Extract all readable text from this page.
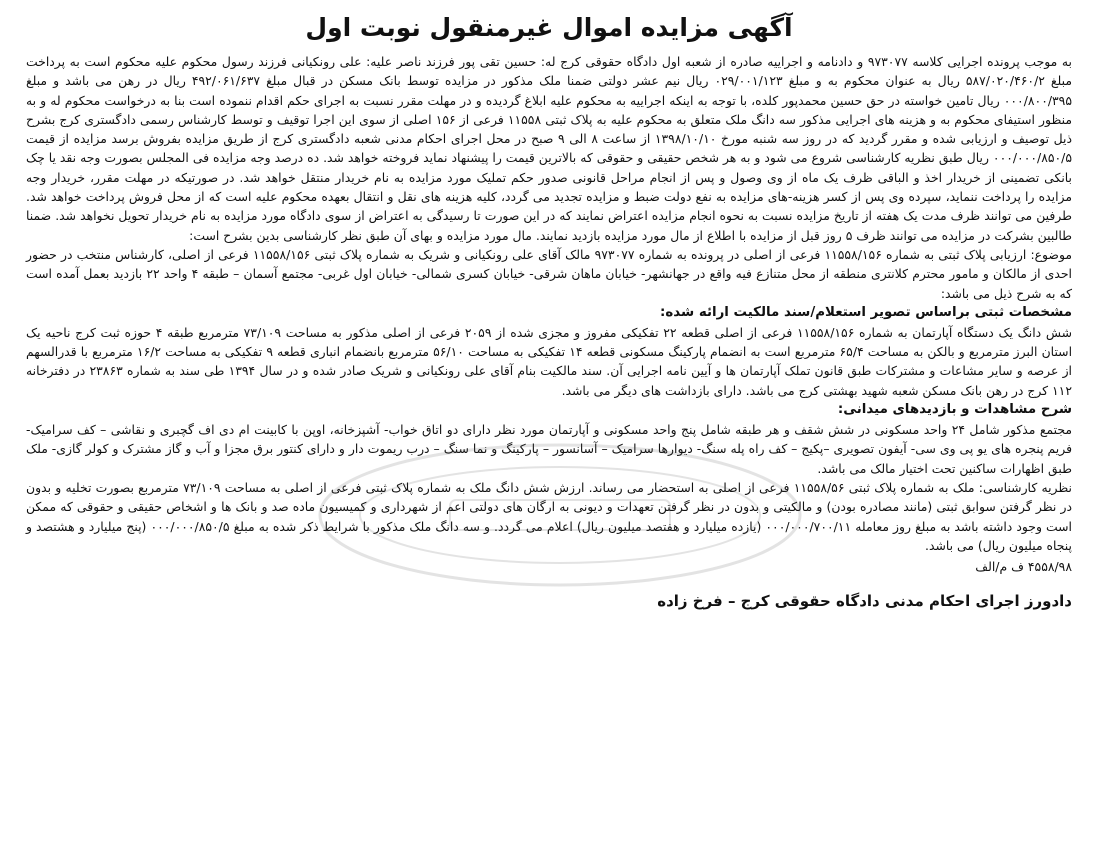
آگهی مزایده اموال غیرمنقول نوبت اول

به موجب پرونده اجرایی کلاسه ۹۷۳۰۷۷ و دادنامه و اجراییه صادره از شعبه اول دادگاه حقوقی کرج له: حسین تقی پور فرزند ناصر علیه: علی رونکیانی فرزند رسول محکوم علیه محکوم است به پرداخت مبلغ ۵۸۷/۰۲۰/۴۶۰/۲ ریال به عنوان محکوم به و مبلغ ۰۲۹/۰۰۱/۱۲۳ ریال نیم عشر دولتی ضمنا ملک مذکور در مزایده توسط بانک مسکن در قبال مبلغ ۴۹۲/۰۶۱/۶۳۷ ریال در رهن می باشد و مبلغ ۰۰۰/۸۰۰/۳۹۵ ریال تامین خواسته در حق حسین محمدپور کلده، با توجه به اینکه اجراییه به محکوم علیه ابلاغ گردیده و در مهلت مقرر نسبت به اجرای حکم اقدام ننموده است بنا به درخواست محکوم له و به منظور استیفای محکوم به و هزینه های اجرایی مذکور سه دانگ ملک متعلق به محکوم علیه به پلاک ثبتی ۱۱۵۵۸ فرعی از ۱۵۶ اصلی از سوی این اجرا توقیف و توسط کارشناس رسمی دادگستری کرج بشرح ذیل توصیف و ارزیابی شده و مقرر گردید که در روز سه شنبه مورخ ۱۳۹۸/۱۰/۱۰ از ساعت ۸ الی ۹ صبح در محل اجرای احکام مدنی شعبه دادگستری کرج از طریق مزایده بفروش برسد مزایده از قیمت ۰۰۰/۰۰۰/۸۵۰/۵ ریال طبق نظریه کارشناسی شروع می شود و به هر شخص حقیقی و حقوقی که بالاترین قیمت را پیشنهاد نماید فروخته خواهد شد. ده درصد وجه مزایده فی المجلس بصورت وجه نقد یا چک بانکی تضمینی از خریدار اخذ و الباقی ظرف یک ماه از وی وصول و پس از انجام مراحل قانونی صدور حکم تملیک مورد مزایده به نام خریدار منتقل خواهد شد. در صورتیکه در مهلت مقرر، خریدار وجه مزایده را پرداخت ننماید، سپرده وی پس از کسر هزینه-های مزایده به نفع دولت ضبط و مزایده تجدید می گردد، کلیه هزینه های نقل و انتقال بعهده محکوم علیه است که از محل فروش پرداخت خواهد شد. طرفین می توانند ظرف مدت یک هفته از تاریخ مزایده نسبت به نحوه انجام مزایده اعتراض نمایند که در این صورت تا رسیدگی به اعتراض از سوی دادگاه مورد مزایده به نام خریدار تحویل نخواهد شد. ضمنا طالبین بشرکت در مزایده می توانند ظرف ۵ روز قبل از مزایده با اطلاع از مال مورد مزایده بازدید نمایند. مال مورد مزایده و بهای آن طبق نظر کارشناسی بدین بشرح است:

موضوع: ارزیابی پلاک ثبتی به شماره ۱۱۵۵۸/۱۵۶ فرعی از اصلی در پرونده به شماره ۹۷۳۰۷۷ مالک آقای علی رونکیانی و شریک به شماره پلاک ثبتی ۱۱۵۵۸/۱۵۶ فرعی از اصلی، کارشناس منتخب در حضور احدی از مالکان و مامور محترم کلانتری منطقه از محل متنازع فیه واقع در جهانشهر- خیابان ماهان شرقی- خیابان کسری شمالی- خیابان اول غربی- مجتمع آسمان – طبقه ۴ واحد ۲۲ بازدید بعمل آمده است که به شرح ذیل می باشد:

مشخصات ثبتی براساس تصویر استعلام/سند مالکیت ارائه شده:

شش دانگ یک دستگاه آپارتمان به شماره ۱۱۵۵۸/۱۵۶ فرعی از اصلی قطعه ۲۲ تفکیکی مفروز و مجزی شده از ۲۰۵۹ فرعی از اصلی مذکور به مساحت ۷۳/۱۰۹ مترمربع طبقه ۴ حوزه ثبت کرج ناحیه یک استان البرز مترمربع و بالکن به مساحت ۶۵/۴ مترمربع است به انضمام پارکینگ مسکونی قطعه ۱۴ تفکیکی به مساحت ۵۶/۱۰ مترمربع بانضمام انباری قطعه ۹ تفکیکی به مساحت ۱۶/۲ مترمربع با قدرالسهم از عرصه و سایر مشاعات و مشترکات طبق قانون تملک آپارتمان ها و آیین نامه اجرایی آن. سند مالکیت بنام آقای علی رونکیانی و شریک صادر شده و در سال ۱۳۹۴ طی سند به شماره ۲۳۸۶۳ در دفترخانه ۱۱۲ کرج در رهن بانک مسکن شعبه شهید بهشتی کرج می باشد. دارای بازداشت های دیگر می باشد.

شرح مشاهدات و بازدیدهای میدانی:

مجتمع مذکور شامل ۲۴ واحد مسکونی در شش شقف و هر طبقه شامل پنج واحد مسکونی و آپارتمان مورد نظر دارای دو اتاق خواب- آشپزخانه، اوپن با کابینت ام دی اف گچبری و نقاشی – کف سرامیک- فریم پنجره های یو پی وی سی- آیفون تصویری –پکیج – کف راه پله سنگ- دیوارها سرامیک – آسانسور – پارکینگ و نما سنگ – درب ریموت دار و دارای کنتور برق مجزا و آب و گاز مشترک و کولر گازی- ملک طبق اظهارات ساکنین تحت اختیار مالک می باشد.

نظریه کارشناسی: ملک به شماره پلاک ثبتی ۱۱۵۵۸/۵۶ فرعی از اصلی به استحضار می رساند. ارزش شش دانگ ملک به شماره پلاک ثبتی فرعی از اصلی به مساحت ۷۳/۱۰۹ مترمربع بصورت تخلیه و بدون در نظر گرفتن سوابق ثبتی (مانند مصادره بودن) و مالکیتی و بدون در نظر گرفتن تعهدات و دیونی به ارگان های دولتی اعم از شهرداری و کمیسیون ماده صد و بانک ها و اشخاص حقیقی و حقوقی که ممکن است وجود داشته باشد به مبلغ روز معامله ۰۰۰/۰۰۰/۷۰۰/۱۱ (یازده میلیارد و هفتصد میلیون ریال) اعلام می گردد. و سه دانگ ملک مذکور با شرایط ذکر شده به مبلغ ۰۰۰/۰۰۰/۸۵۰/۵ (پنج میلیارد و هشتصد و پنجاه میلیون ریال) می باشد.

۴۵۵۸/۹۸ ف م/الف

دادورز اجرای احکام مدنی دادگاه حقوقی کرج – فرخ زاده
